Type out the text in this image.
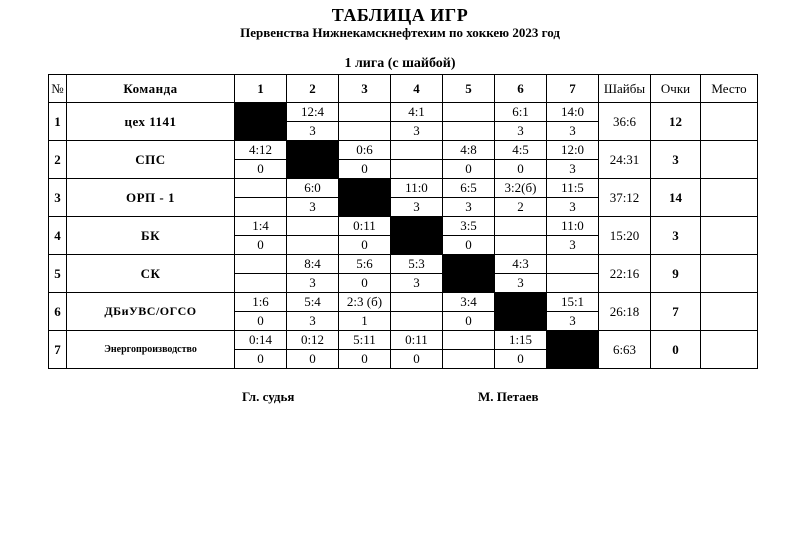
ТАБЛИЦА ИГР
Первенства Нижнекамскнефтехим по хоккею 2023 год
1 лига (с шайбой)
№	Команда	1	2	3	4	5	6	7	Шайбы	Очки	Место
1	цех 1141		12:4		4:1		6:1	14:0	36:6	12	
			3		3		3	3			
2	СПС	4:12		0:6		4:8	4:5	12:0	24:31	3	
		0		0		0	0	3			
3	ОРП - 1		6:0		11:0	6:5	3:2(б)	11:5	37:12	14	
			3		3	3	2	3			
4	БК	1:4		0:11		3:5		11:0	15:20	3	
		0		0		0		3			
5	СК		8:4	5:6	5:3		4:3		22:16	9	
			3	0	3		3				
6	ДБиУВС/ОГСО	1:6	5:4	2:3 (б)		3:4		15:1	26:18	7	
		0	3	1		0		3			
7	Энергопроизводство	0:14	0:12	5:11	0:11		1:15		6:63	0	
		0	0	0	0		0				
Гл. судья	М. Петаев
